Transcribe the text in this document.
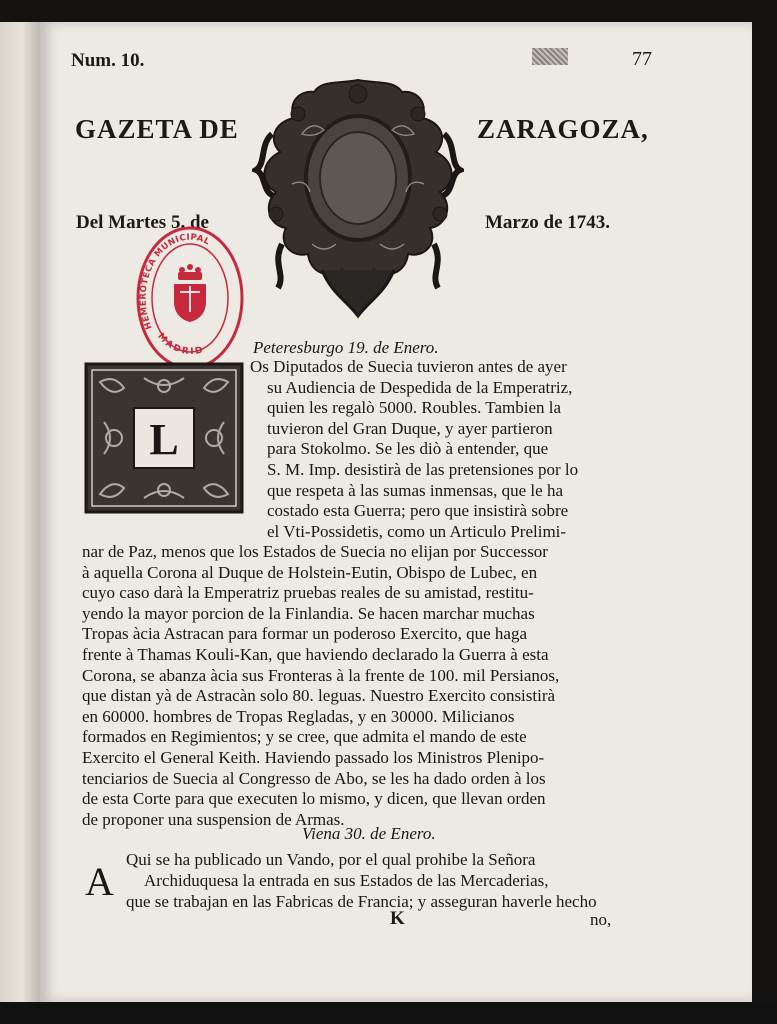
Num. 10.	77
GAZETA DE	ZARAGOZA,
Del Martes 5. de	Marzo de 1743.
HEMEROTECA MUNICIPAL
MADRID
L
Peteresburgo 19. de Enero.
Os Diputados de Suecia tuvieron antes de ayer
su Audiencia de Despedida de la Emperatriz,
quien les regalò 5000. Roubles. Tambien la
tuvieron del Gran Duque, y ayer partieron
para Stokolmo. Se les diò à entender, que
S. M. Imp. desistirà de las pretensiones por lo
que respeta à las sumas inmensas, que le ha
costado esta Guerra; pero que insistirà sobre
el Vti-Possidetis, como un Articulo Prelimi-
nar de Paz, menos que los Estados de Suecia no elijan por Successor
à aquella Corona al Duque de Holstein-Eutin, Obispo de Lubec, en
cuyo caso darà la Emperatriz pruebas reales de su amistad, restitu-
yendo la mayor porcion de la Finlandia. Se hacen marchar muchas
Tropas àcia Astracan para formar un poderoso Exercito, que haga
frente à Thamas Kouli-Kan, que haviendo declarado la Guerra à esta
Corona, se abanza àcia sus Fronteras à la frente de 100. mil Persianos,
que distan yà de Astracàn solo 80. leguas. Nuestro Exercito consistirà
en 60000. hombres de Tropas Regladas, y en 30000. Milicianos
formados en Regimientos; y se cree, que admita el mando de este
Exercito el General Keith. Haviendo passado los Ministros Plenipo-
tenciarios de Suecia al Congresso de Abo, se les ha dado orden à los
de esta Corte para que executen lo mismo, y dicen, que llevan orden
de proponer una suspension de Armas.
Viena 30. de Enero.
A Qui se ha publicado un Vando, por el qual prohibe la Señora
Archiduquesa la entrada en sus Estados de las Mercaderias,
que se trabajan en las Fabricas de Francia; y asseguran haverle hecho
K	no,
